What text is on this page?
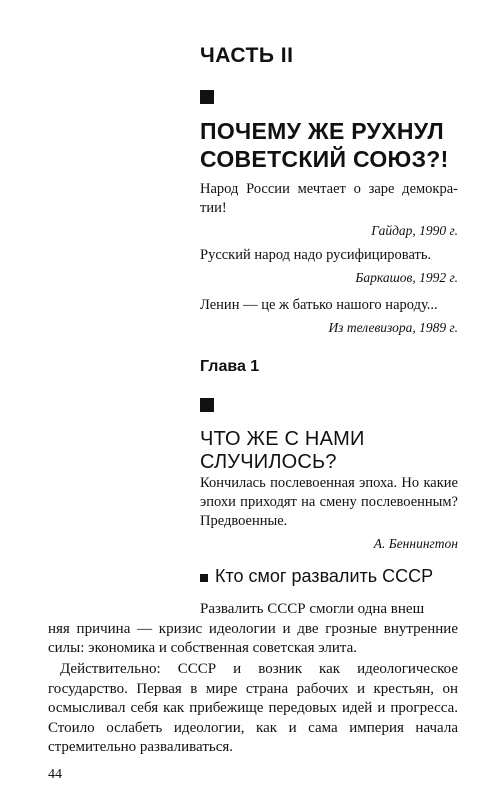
ЧАСТЬ II
ПОЧЕМУ ЖЕ РУХНУЛ
СОВЕТСКИЙ СОЮЗ?!
Народ России мечтает о заре демократии!
Гайдар, 1990 г.
Русский народ надо русифицировать.
Баркашов, 1992 г.
Ленин — це ж батько нашого народу...
Из телевизора, 1989 г.
Глава 1
ЧТО ЖЕ С НАМИ СЛУЧИЛОСЬ?
Кончилась послевоенная эпоха. Но какие эпохи приходят на смену послевоенным? Предвоенные.
А. Беннингтон
Кто смог развалить СССР
Развалить СССР смогли одна внеш
няя причина — кризис идеологии и две грозные внутренние силы: экономика и собственная советская элита.
Действительно: СССР и возник как идеологическое государство. Первая в мире страна рабочих и крестьян, он осмысливал себя как прибежище передовых идей и прогресса. Стоило ослабеть идеологии, как и сама империя начала стремительно разваливаться.
44
